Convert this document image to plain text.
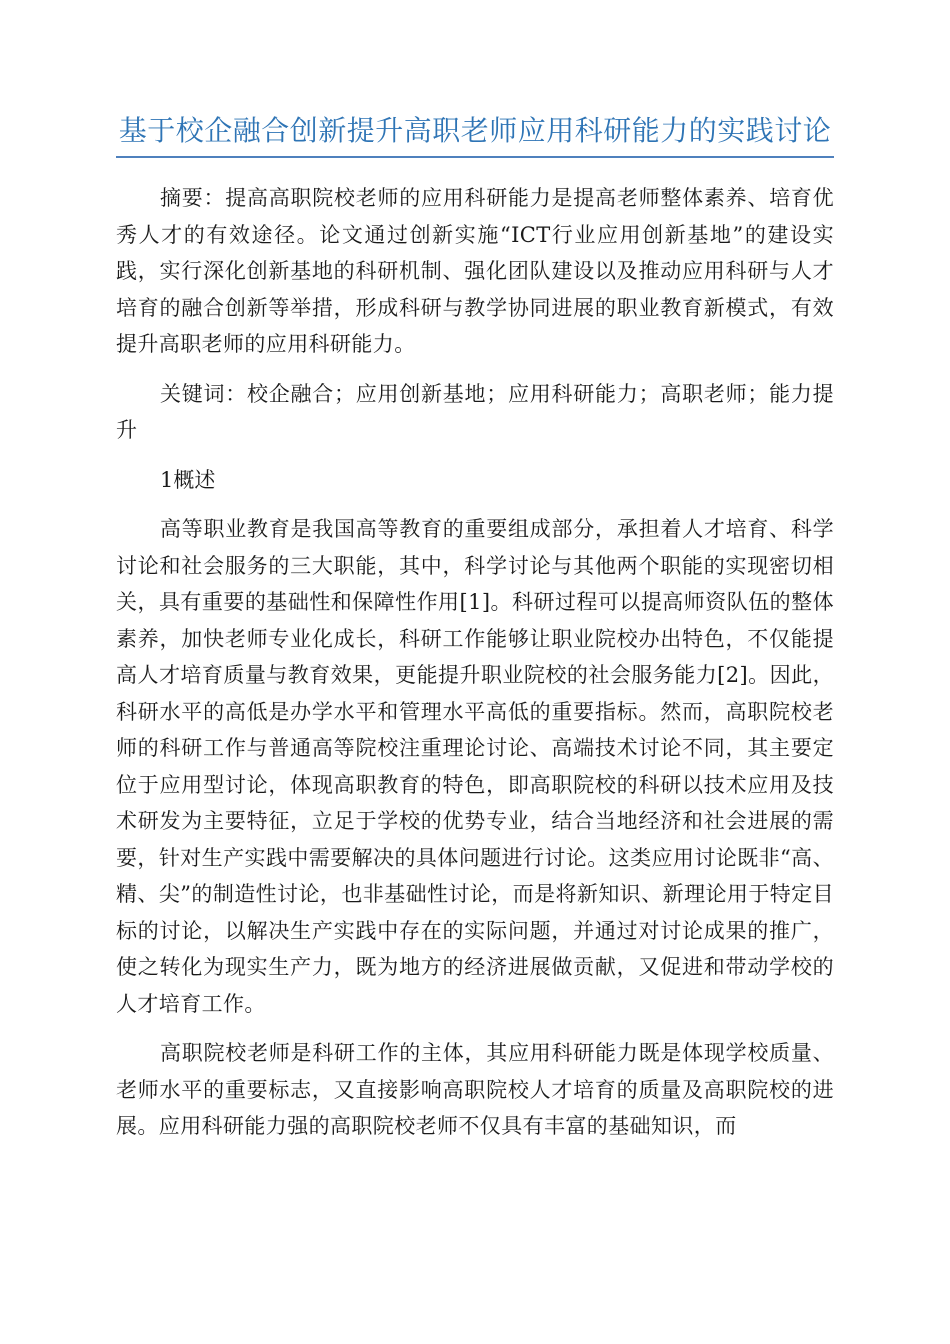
基于校企融合创新提升高职老师应用科研能力的实践讨论

摘要：提高高职院校老师的应用科研能力是提高老师整体素养、培育优秀人才的有效途径。论文通过创新实施“ICT行业应用创新基地”的建设实践，实行深化创新基地的科研机制、强化团队建设以及推动应用科研与人才培育的融合创新等举措，形成科研与教学协同进展的职业教育新模式，有效提升高职老师的应用科研能力。

关键词：校企融合；应用创新基地；应用科研能力；高职老师；能力提升

1概述

高等职业教育是我国高等教育的重要组成部分，承担着人才培育、科学讨论和社会服务的三大职能，其中，科学讨论与其他两个职能的实现密切相关，具有重要的基础性和保障性作用[1]。科研过程可以提高师资队伍的整体素养，加快老师专业化成长，科研工作能够让职业院校办出特色，不仅能提高人才培育质量与教育效果，更能提升职业院校的社会服务能力[2]。因此，科研水平的高低是办学水平和管理水平高低的重要指标。然而，高职院校老师的科研工作与普通高等院校注重理论讨论、高端技术讨论不同，其主要定位于应用型讨论，体现高职教育的特色，即高职院校的科研以技术应用及技术研发为主要特征，立足于学校的优势专业，结合当地经济和社会进展的需要，针对生产实践中需要解决的具体问题进行讨论。这类应用讨论既非“高、精、尖”的制造性讨论，也非基础性讨论，而是将新知识、新理论用于特定目标的讨论，以解决生产实践中存在的实际问题，并通过对讨论成果的推广，使之转化为现实生产力，既为地方的经济进展做贡献，又促进和带动学校的人才培育工作。

高职院校老师是科研工作的主体，其应用科研能力既是体现学校质量、老师水平的重要标志，又直接影响高职院校人才培育的质量及高职院校的进展。应用科研能力强的高职院校老师不仅具有丰富的基础知识，而
